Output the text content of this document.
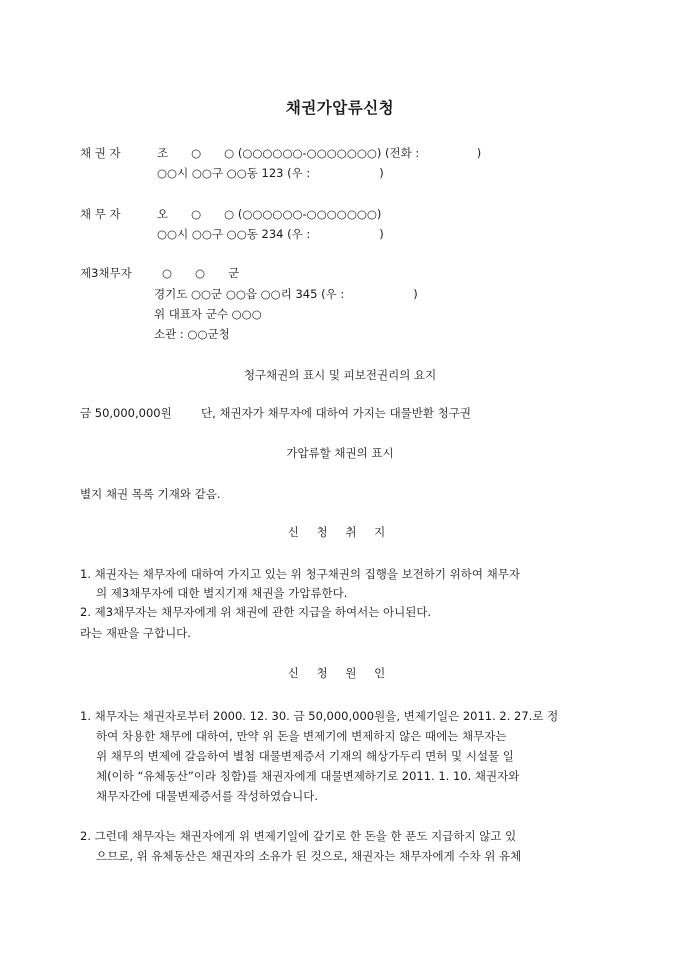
채권가압류신청
채 권 자	조　　○　　○ (○○○○○○-○○○○○○○) (전화 :　　　　　)
○○시 ○○구 ○○동 123 (우 :　　　　　　)
채 무 자	오　　○　　○ (○○○○○○-○○○○○○○)
○○시 ○○구 ○○동 234 (우 :　　　　　　)
제3채무자	○　　○　　군
경기도 ○○군 ○○읍 ○○리 345 (우 :　　　　　　)
위 대표자 군수 ○○○
소관 : ○○군청
청구채권의 표시 및 피보전권리의 요지
금 50,000,000원	단, 채권자가 채무자에 대하여 가지는 대물반환 청구권
가압류할 채권의 표시
별지 채권 목록 기재와 같음.
신 청 취 지
1. 채권자는 채무자에 대하여 가지고 있는 위 청구채권의 집행을 보전하기 위하여 채무자
의 제3채무자에 대한 별지기재 채권을 가압류한다.
2. 제3채무자는 채무자에게 위 채권에 관한 지급을 하여서는 아니된다.
라는 재판을 구합니다.
신 청 원 인
1. 채무자는 채권자로부터 2000. 12. 30. 금 50,000,000원을, 변제기일은 2011. 2. 27.로 정
하여 차용한 채무에 대하여, 만약 위 돈을 변제기에 변제하지 않은 때에는 채무자는
위 채무의 변제에 갈음하여 별첨 대물변제증서 기재의 해상가두리 면허 및 시설물 일
체(이하 “유체동산”이라 칭함)를 채권자에게 대물변제하기로 2011. 1. 10. 채권자와
채무자간에 대물변제증서를 작성하였습니다.
2. 그런데 채무자는 채권자에게 위 변제기일에 갚기로 한 돈을 한 푼도 지급하지 않고 있
으므로, 위 유체동산은 채권자의 소유가 된 것으로, 채권자는 채무자에게 수차 위 유체
